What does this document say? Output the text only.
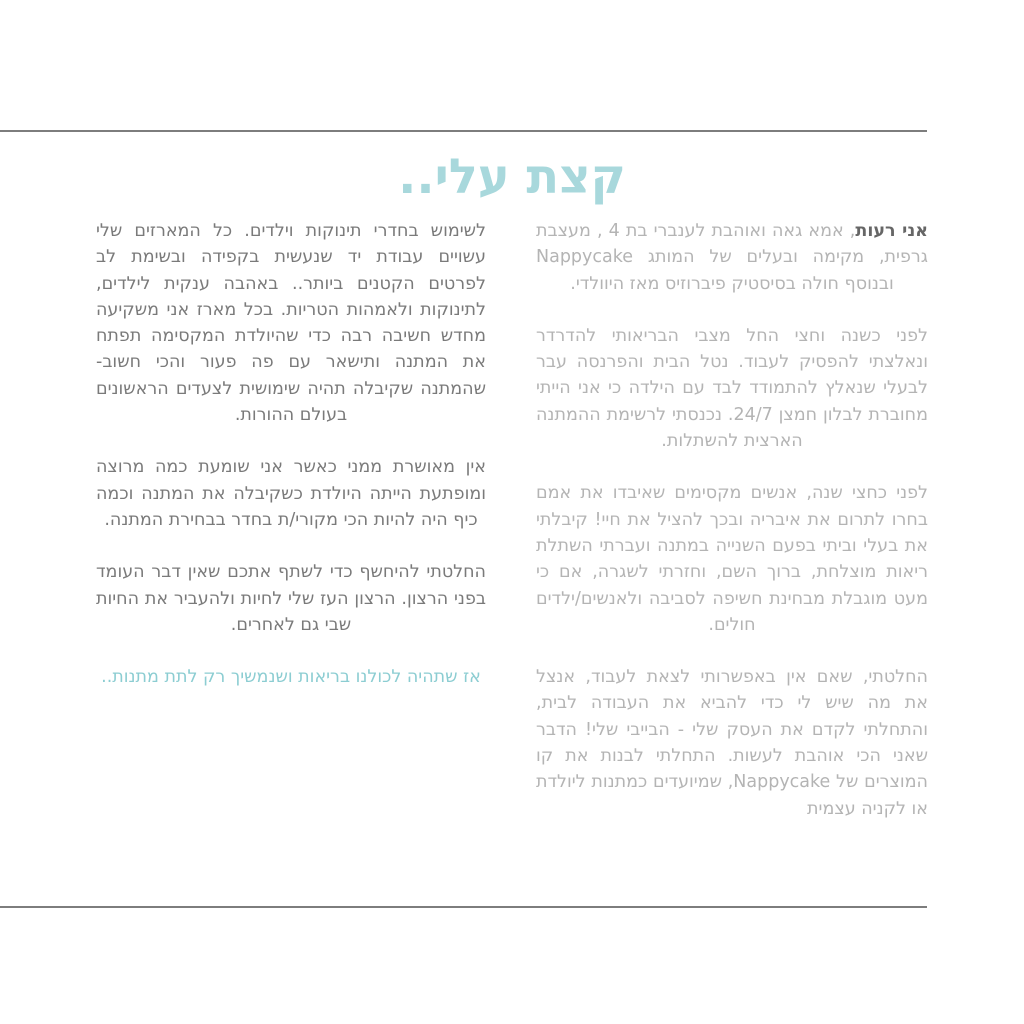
קצת עלי..

אני רעות, אמא גאה ואוהבת לענברי בת 4 , מעצבת גרפית, מקימה ובעלים של המותג Nappycake ובנוסף חולה בסיסטיק פיברוזיס מאז היוולדי.

לפני כשנה וחצי החל מצבי הבריאותי להדרדר ונאלצתי להפסיק לעבוד. נטל הבית והפרנסה עבר לבעלי שנאלץ להתמודד לבד עם הילדה כי אני הייתי מחוברת לבלון חמצן 24/7. נכנסתי לרשימת ההמתנה הארצית להשתלות.

לפני כחצי שנה, אנשים מקסימים שאיבדו את אמם בחרו לתרום את איבריה ובכך להציל את חיי! קיבלתי את בעלי וביתי בפעם השנייה במתנה ועברתי השתלת ריאות מוצלחת, ברוך השם, וחזרתי לשגרה, אם כי מעט מוגבלת מבחינת חשיפה לסביבה ולאנשים/ילדים חולים.

החלטתי, שאם אין באפשרותי לצאת לעבוד, אנצל את מה שיש לי כדי להביא את העבודה לבית, והתחלתי לקדם את העסק שלי - הבייבי שלי! הדבר שאני הכי אוהבת לעשות. התחלתי לבנות את קו המוצרים של Nappycake, שמיועדים כמתנות ליולדת או לקניה עצמית

לשימוש בחדרי תינוקות וילדים. כל המארזים שלי עשויים עבודת יד שנעשית בקפידה ובשימת לב לפרטים הקטנים ביותר.. באהבה ענקית לילדים, לתינוקות ולאמהות הטריות. בכל מארז אני משקיעה מחדש חשיבה רבה כדי שהיולדת המקסימה תפתח את המתנה ותישאר עם פה פעור והכי חשוב- שהמתנה שקיבלה תהיה שימושית לצעדים הראשונים בעולם ההורות.

אין מאושרת ממני כאשר אני שומעת כמה מרוצה ומופתעת הייתה היולדת כשקיבלה את המתנה וכמה כיף היה להיות הכי מקורי/ת בחדר בבחירת המתנה.

החלטתי להיחשף כדי לשתף אתכם שאין דבר העומד בפני הרצון. הרצון העז שלי לחיות ולהעביר את החיות שבי גם לאחרים.

אז שתהיה לכולנו בריאות ושנמשיך רק לתת מתנות..
